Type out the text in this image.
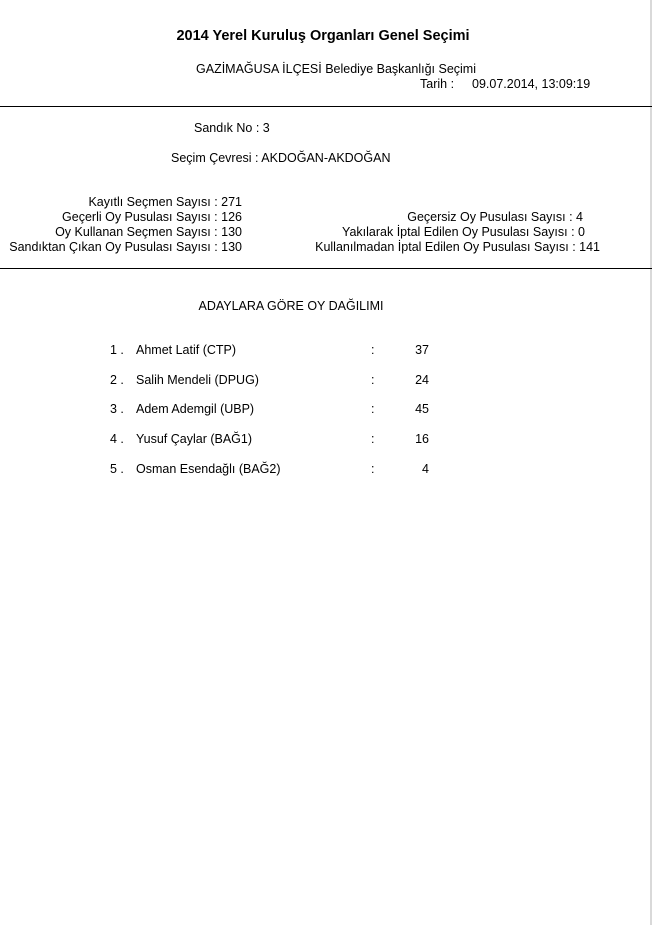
2014 Yerel Kuruluş Organları Genel Seçimi
GAZİMAĞUSA İLÇESİ Belediye Başkanlığı Seçimi
Tarih : 09.07.2014, 13:09:19
Sandık No : 3
Seçim Çevresi : AKDOĞAN-AKDOĞAN
Kayıtlı Seçmen Sayısı : 271
Geçerli Oy Pusulası Sayısı : 126
Oy Kullanan Seçmen Sayısı : 130
Sandıktan Çıkan Oy Pusulası Sayısı : 130
Geçersiz Oy Pusulası Sayısı : 4
Yakılarak İptal Edilen Oy Pusulası Sayısı : 0
Kullanılmadan İptal Edilen Oy Pusulası Sayısı : 141
ADAYLARA GÖRE OY DAĞILIMI
1 . Ahmet Latif (CTP)	:	37
2 . Salih Mendeli (DPUG)	:	24
3 . Adem Ademgil (UBP)	:	45
4 . Yusuf Çaylar (BAĞ1)	:	16
5 . Osman Esendağlı (BAĞ2)	:	4
